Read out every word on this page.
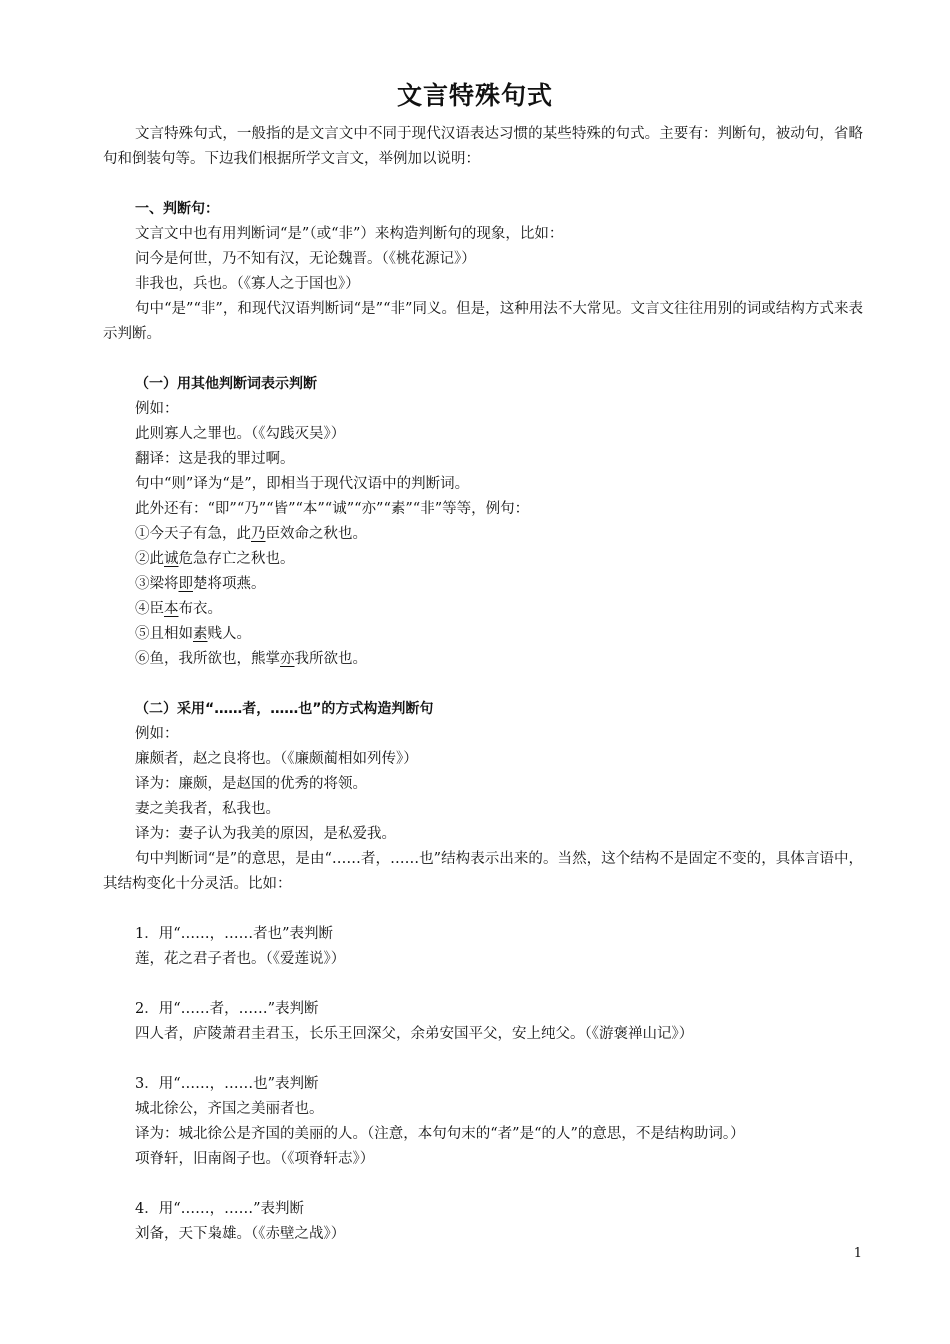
文言特殊句式

文言特殊句式，一般指的是文言文中不同于现代汉语表达习惯的某些特殊的句式。主要有：判断句，被动句，省略句和倒装句等。下边我们根据所学文言文，举例加以说明：

一、判断句：

文言文中也有用判断词“是”（或“非”）来构造判断句的现象，比如：

问今是何世，乃不知有汉，无论魏晋。（《桃花源记》）

非我也，兵也。（《寡人之于国也》）

句中“是”“非”，和现代汉语判断词“是”“非”同义。但是，这种用法不大常见。文言文往往用别的词或结构方式来表示判断。

（一）用其他判断词表示判断

例如：

此则寡人之罪也。（《勾践灭吴》）

翻译：这是我的罪过啊。

句中“则”译为“是”，即相当于现代汉语中的判断词。

此外还有：“即”“乃”“皆”“本”“诚”“亦”“素”“非”等等，例句：

①今天子有急，此乃臣效命之秋也。

②此诚危急存亡之秋也。

③梁将即楚将项燕。

④臣本布衣。

⑤且相如素贱人。

⑥鱼，我所欲也，熊掌亦我所欲也。

（二）采用“……者，……也”的方式构造判断句

例如：

廉颇者，赵之良将也。（《廉颇蔺相如列传》）

译为：廉颇，是赵国的优秀的将领。

妻之美我者，私我也。

译为：妻子认为我美的原因，是私爱我。

句中判断词“是”的意思，是由“……者，……也”结构表示出来的。当然，这个结构不是固定不变的，具体言语中，其结构变化十分灵活。比如：

1．用“……，……者也”表判断

莲，花之君子者也。（《爱莲说》）

2．用“……者，……”表判断

四人者，庐陵萧君圭君玉，长乐王回深父，余弟安国平父，安上纯父。（《游褒禅山记》）

3．用“……，……也”表判断

城北徐公，齐国之美丽者也。

译为：城北徐公是齐国的美丽的人。（注意，本句句末的“者”是“的人”的意思，不是结构助词。）

项脊轩，旧南阁子也。（《项脊轩志》）

4．用“……，……”表判断

刘备，天下枭雄。（《赤壁之战》）

1
